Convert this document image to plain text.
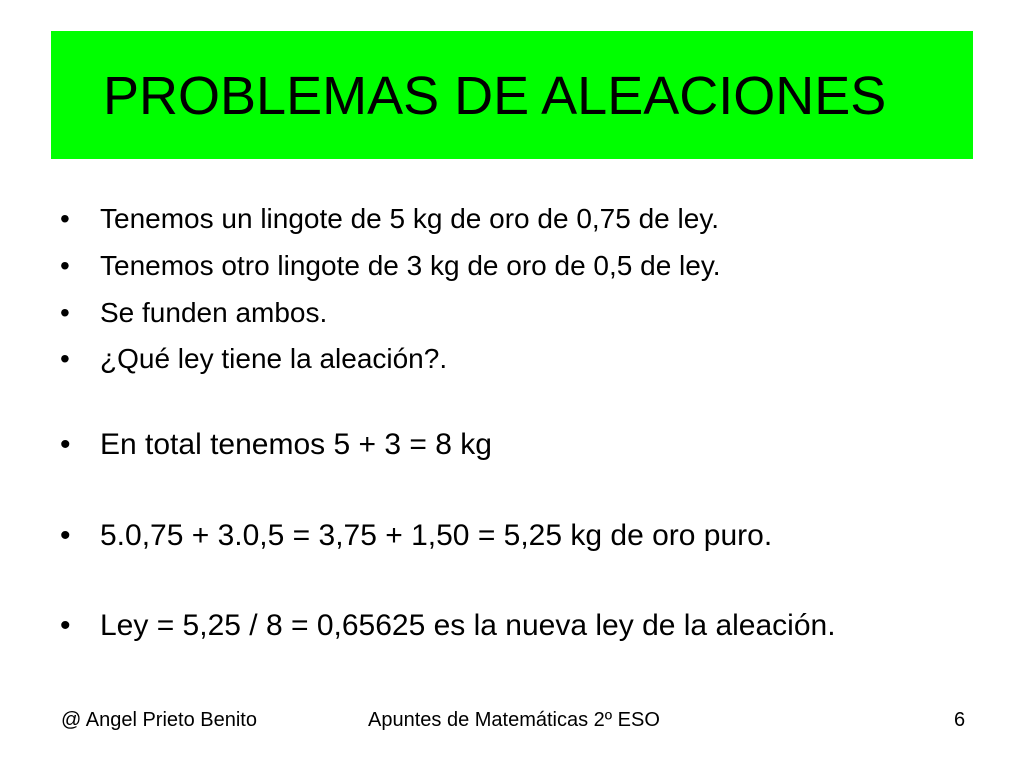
PROBLEMAS DE ALEACIONES
• Tenemos un lingote de 5 kg de oro de 0,75 de ley.
• Tenemos otro lingote de 3 kg de oro de 0,5 de ley.
• Se funden ambos.
• ¿Qué ley tiene la aleación?.
• En total tenemos 5 + 3 = 8 kg
• 5.0,75 + 3.0,5 = 3,75 + 1,50 = 5,25 kg de oro puro.
• Ley = 5,25 / 8 = 0,65625 es la nueva ley de la aleación.
@ Angel Prieto Benito	Apuntes de Matemáticas 2º ESO	6
